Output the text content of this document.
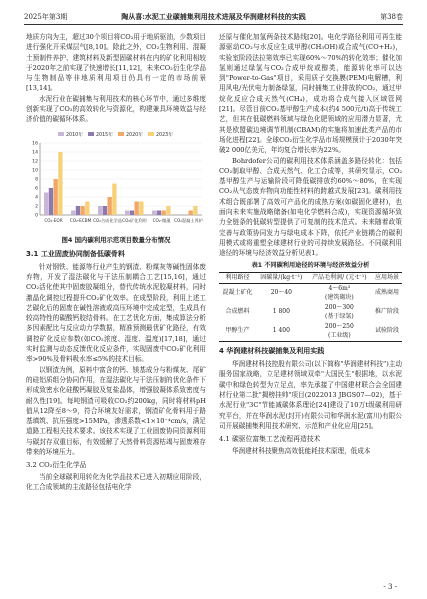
2025年第3期	陶从喜:水泥工业碳捕集利用技术进展及华润建材科技的实践	第38卷

地质方向为主，超过30个项目将CO₂用于地质驱油，少数项目进行强化开采煤层气[8,10]。除此之外，CO₂生物利用、混凝土预制件养护、建筑材料及新型固碳材料在内的矿化利用相较于2020年之前实现了快速增长[11,12]，未来CO₂衍生化学品与生物制品等非地质利用项目仍具有一定的市场前景[13,14]。

水泥行业在碳捕集与利用技术的核心环节中，通过多维度创新实现了CO₂的高效转化与资源化，构建兼具环境效益与经济价值的碳循环体系。

2010年	2015年	2020年	2023年
0
2
4
6
8
10
12
14
16
CO₂-EOR CO₂-ECBM CO₂合成化学品 CO₂矿化利用 CO₂-微藻 CO₂混凝土养护
图4 国内碳利用示范项目数量分布情况
3.1 工业固废协同制备低碳骨料

针对钢铁、能源等行业产生的钢渣、粉煤灰等碱性固体废弃物，开发了湿法碳化与干法压制耦合工艺[15,16]，通过CO₂活化使其中固废胶凝组分，替代传统水泥胶凝材料，同时激晶化调控过程提升CO₂矿化效率。在成型阶段，利用上述工艺碳化后的固废在碱性溶液或高压环境中完成定型，生成具有较高特性的碳酸钙胶结骨料。在工艺优化方面，集成算法分析多因素配比与反应动力学数据，精准预测最优矿化路径，有效调控矿化反应参数(如CO₂浓度、湿度、温度)[17,18]，通过实时监测与动态反馈优化反应条件，实现固废中CO₂矿化利用率>90%及骨料吸水率≤5%的技术目标。

以钢渣为例，原料中富含的钙、镁基成分与粉煤灰、尾矿的硅铝质组分协同作用，在湿法碳化与干法压制的优化条件下形成致密水化硅酸钙凝胶及复盐晶体，增强胶凝体系致密度与耐久性[19]。每吨钢渣可吸收CO₂约200kg，同时将材料pH值从12降至8～9，符合环境友好需求，钢渣矿化骨料用于路基填筑、抗压强度>15MPa，渗透系数<1×10⁻⁴cm/s，满足道路工程相关技术要求。该技术实现了工业固废协同资源利用与碳封存双重目标，有效缓解了天然骨料资源枯竭与固废堆存带来的环境压力。

3.2 CO₂衍生化学品

当前全球碳利用转化为化学品技术已进入初期应用阶段，化工合成领域的主流路径包括电化学

还原与催化加氢两条技术路线[20]。电化学路径利用可再生能源驱动CO₂与水反应生成甲醇(CH₃OH)或合成气(CO+H₂)，实验室阶段法拉第效率已实现60%～70%的转化效率；催化加氢则通过绿氢与CO₂合成甲烷或醇类，能源转化率可以达到"Power-to-Gas"项目，采用质子交换膜(PEM)电解槽，利用风电/光伏电力制备绿氢，同时捕集工业排放的CO₂，通过甲烷化反应合成天然气(CH₄)，成功将合成气接入区域管网[21]。尽管目前CO₂基甲醇生产成本(约4 500元/t)高于传统工艺，但其在低碳燃料领域与绿色化肥领域的应用潜力显著，尤其是欧盟碳边境调节机制(CBAM)的实施将加速此类产品的市场化进程[22]。全球CO₂衍生化学品市场规模预计于2030年突破2 000亿美元，年均复合增长率为22%。

Bohrdofer公司的碳利用技术体系涵盖多路径转化：包括CO₂制取甲醇、合成天然气、化工合成等，其研究显示，CO₂基甲醇生产与运输阶段可降低碳排放约60%～80%，在实现CO₂从气态废弃物向功能性材料的跨越式发展[23]。碳利用技术组合既部署了高效可产品化的成热方案(如碳固化建材)，也面向未来实施战略储备(如电化学燃料合成)，实现资源循环致力全链条的低碳转型提供了可复制的技术范式。未来随着政策完善与政策协同发力与绿电成本下降，依托产业链耦合的碳利用模式或将重塑全球建材行业的可持续发展路径。不同碳利用途径的环境与经济效益分析见表1。

表1 不同碳利用途径的环境与经济效益分析
利用路径	固碳量/(kg·t⁻¹)	产品毛利润/ (元·t⁻¹)	应用场景
混凝土矿化	20～40	4～6m³
(建筑砌块)	成熟商用
合成燃料	1 800	200～300
(基于绿氢)	推广阶段
甲醇生产	1 400	200～250
(工业级)	试验阶段
4 华润建材科技碳捕集及利用实践

华润建材科技控股有限公司(以下简称"华润建材科技")主动服务国家战略，立足建材领域双牵"大国民生"根据地，以水泥碳中和绿色转型为立足点，率先承接了中国建材联合会全国建材行业第二批"揭榜挂帅"项目(2022013 JBGS07—02)，基于水泥行业"3C"节能减碳体系理论[24]建设了10万t级碳利用研究平台，并在华润水泥(封开)有限公司和华润水泥(富川)有限公司开展碳捕集利用技术研究、示范和产业化应用[25]。

4.1 碳驱位富集工艺流程再造技术

华润建材科技聚焦高效低能耗技术原理，低成本

- 3 -
